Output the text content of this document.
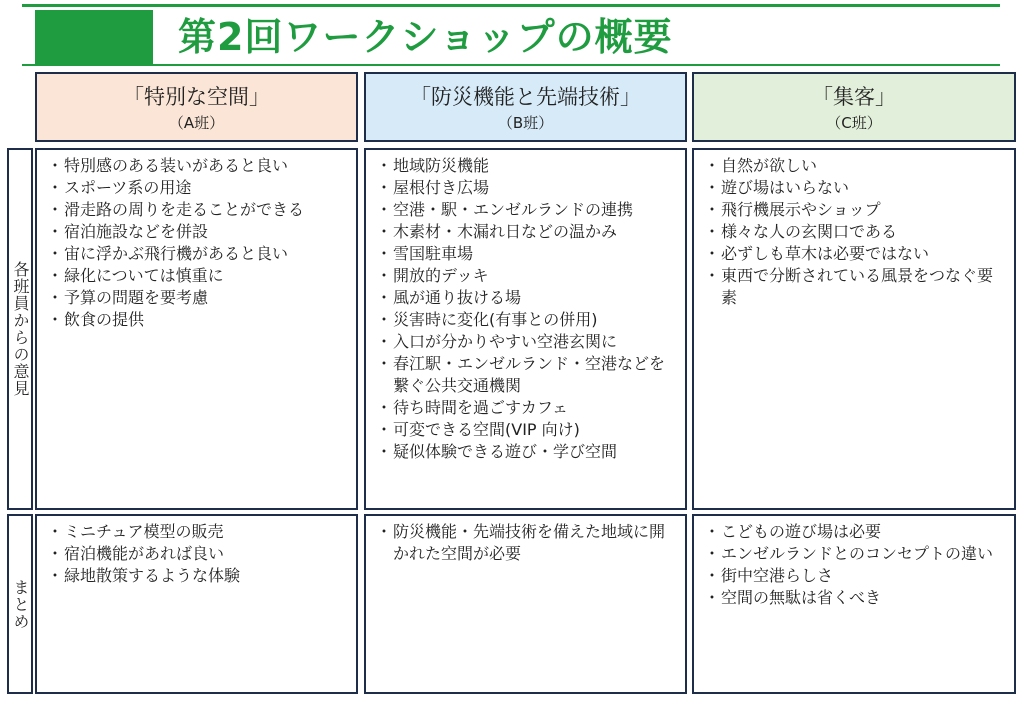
第2回ワークショップの概要
「特別な空間」
（A班）
「防災機能と先端技術」
（B班）
「集客」
（C班）
各班員からの意見
まとめ
・ 特別感のある装いがあると良い
・ スポーツ系の用途
・ 滑走路の周りを走ることができる
・ 宿泊施設などを併設
・ 宙に浮かぶ飛行機があると良い
・ 緑化については慎重に
・ 予算の問題を要考慮
・ 飲食の提供
・ 地域防災機能
・ 屋根付き広場
・ 空港・駅・エンゼルランドの連携
・ 木素材・木漏れ日などの温かみ
・ 雪国駐車場
・ 開放的デッキ
・ 風が通り抜ける場
・ 災害時に変化(有事との併用)
・ 入口が分かりやすい空港玄関に
・ 春江駅・エンゼルランド・空港などを繋ぐ公共交通機関
・ 待ち時間を過ごすカフェ
・ 可変できる空間(VIP 向け)
・ 疑似体験できる遊び・学び空間
・ 自然が欲しい
・ 遊び場はいらない
・ 飛行機展示やショップ
・ 様々な人の玄関口である
・ 必ずしも草木は必要ではない
・ 東西で分断されている風景をつなぐ要素
・ ミニチュア模型の販売
・ 宿泊機能があれば良い
・ 緑地散策するような体験
・ 防災機能・先端技術を備えた地域に開かれた空間が必要
・ こどもの遊び場は必要
・ エンゼルランドとのコンセプトの違い
・ 街中空港らしさ
・ 空間の無駄は省くべき
